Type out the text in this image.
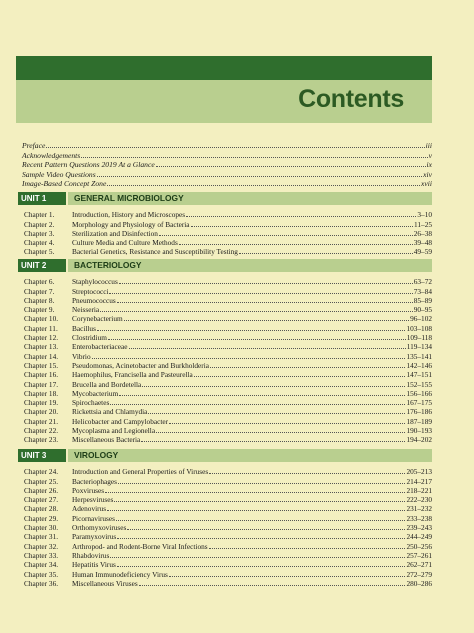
Contents
Preface	iii
Acknowledgements	v
Recent Pattern Questions 2019 At a Glance	ix
Sample Video Questions	xiv
Image-Based Concept Zone	xvii
UNIT 1	GENERAL MICROBIOLOGY
Chapter 1.	Introduction, History and Microscopes	3–10
Chapter 2.	Morphology and Physiology of Bacteria	11–25
Chapter 3.	Sterilization and Disinfection	26–38
Chapter 4.	Culture Media and Culture Methods	39–48
Chapter 5.	Bacterial Genetics, Resistance and Susceptibility Testing	49–59
UNIT 2	BACTERIOLOGY
Chapter 6.	Staphylococcus	63–72
Chapter 7.	Streptococci	73–84
Chapter 8.	Pneumococcus	85–89
Chapter 9.	Neisseria	90–95
Chapter 10.	Corynebacterium	96–102
Chapter 11.	Bacillus	103–108
Chapter 12.	Clostridium	109–118
Chapter 13.	Enterobacteriaceae	119–134
Chapter 14.	Vibrio	135–141
Chapter 15.	Pseudomonas, Acinetobacter and Burkholderia	142–146
Chapter 16.	Haemophilus, Francisella and Pasteurella	147–151
Chapter 17.	Brucella and Bordetella	152–155
Chapter 18.	Mycobacterium	156–166
Chapter 19.	Spirochaetes	167–175
Chapter 20.	Rickettsia and Chlamydia	176–186
Chapter 21.	Helicobacter and Campylobacter	187–189
Chapter 22.	Mycoplasma and Legionella	190–193
Chapter 23.	Miscellaneous Bacteria	194–202
UNIT 3	VIROLOGY
Chapter 24.	Introduction and General Properties of Viruses	205–213
Chapter 25.	Bacteriophages	214–217
Chapter 26.	Poxviruses	218–221
Chapter 27.	Herpesviruses	222–230
Chapter 28.	Adenovirus	231–232
Chapter 29.	Picornaviruses	233–238
Chapter 30.	Orthomyxoviruses	239–243
Chapter 31.	Paramyxovirus	244–249
Chapter 32.	Arthropod- and Rodent-Borne Viral Infections	250–256
Chapter 33.	Rhabdovirus	257–261
Chapter 34.	Hepatitis Virus	262–271
Chapter 35.	Human Immunodeficiency Virus	272–279
Chapter 36.	Miscellaneous Viruses	280–286
